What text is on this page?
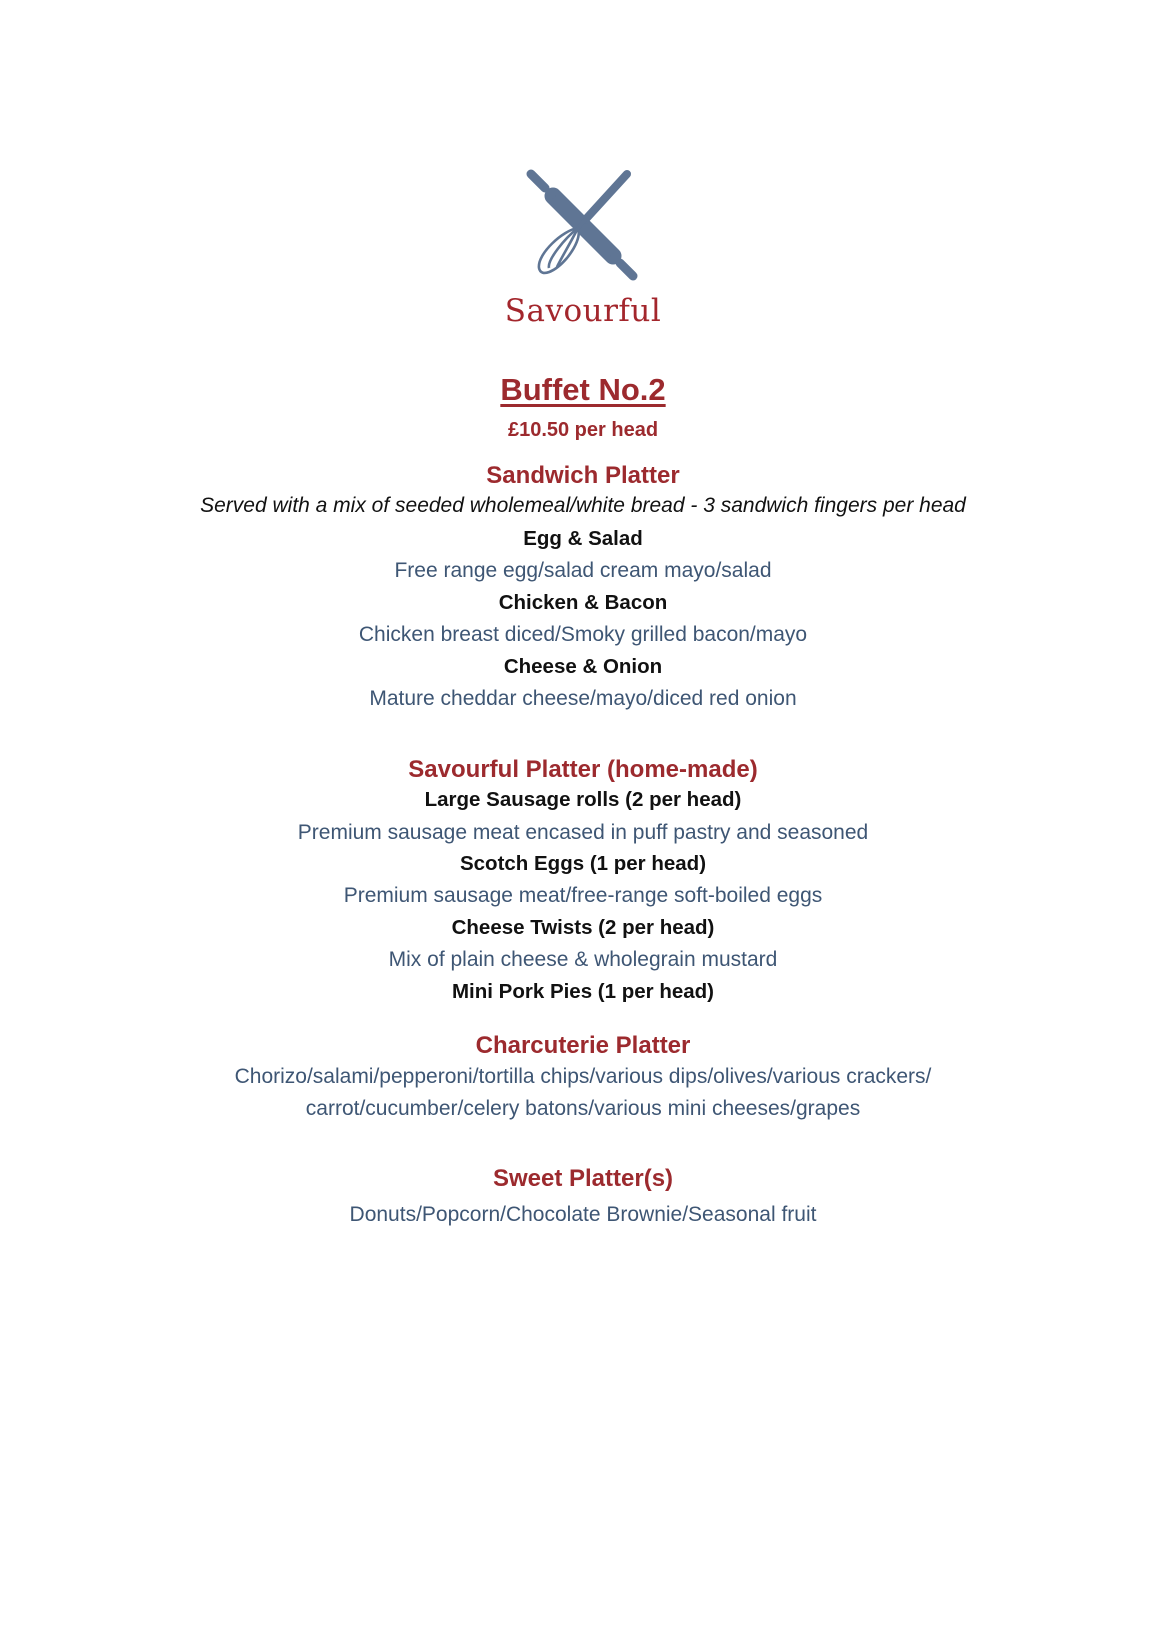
Savourful
Buffet No.2
£10.50 per head
Sandwich Platter
Served with a mix of seeded wholemeal/white bread - 3 sandwich fingers per head
Egg & Salad
Free range egg/salad cream mayo/salad
Chicken & Bacon
Chicken breast diced/Smoky grilled bacon/mayo
Cheese & Onion
Mature cheddar cheese/mayo/diced red onion
Savourful Platter (home-made)
Large Sausage rolls (2 per head)
Premium sausage meat encased in puff pastry and seasoned
Scotch Eggs (1 per head)
Premium sausage meat/free-range soft-boiled eggs
Cheese Twists (2 per head)
Mix of plain cheese & wholegrain mustard
Mini Pork Pies (1 per head)
Charcuterie Platter
Chorizo/salami/pepperoni/tortilla chips/various dips/olives/various crackers/
carrot/cucumber/celery batons/various mini cheeses/grapes
Sweet Platter(s)
Donuts/Popcorn/Chocolate Brownie/Seasonal fruit
